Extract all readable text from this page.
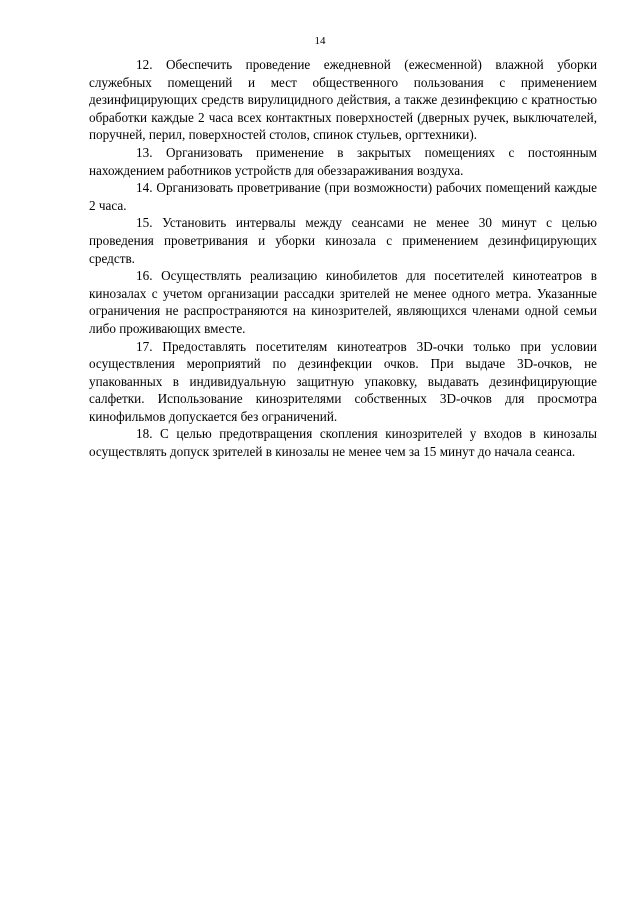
14

12. Обеспечить проведение ежедневной (ежесменной) влажной уборки служебных помещений и мест общественного пользования с применением дезинфицирующих средств вирулицидного действия, а также дезинфекцию с кратностью обработки каждые 2 часа всех контактных поверхностей (дверных ручек, выключателей, поручней, перил, поверхностей столов, спинок стульев, оргтехники).

13. Организовать применение в закрытых помещениях с постоянным нахождением работников устройств для обеззараживания воздуха.

14. Организовать проветривание (при возможности) рабочих помещений каждые 2 часа.

15. Установить интервалы между сеансами не менее 30 минут с целью проведения проветривания и уборки кинозала с применением дезинфицирующих средств.

16. Осуществлять реализацию кинобилетов для посетителей кинотеатров в кинозалах с учетом организации рассадки зрителей не менее одного метра. Указанные ограничения не распространяются на кинозрителей, являющихся членами одной семьи либо проживающих вместе.

17. Предоставлять посетителям кинотеатров 3D-очки только при условии осуществления мероприятий по дезинфекции очков. При выдаче 3D-очков, не упакованных в индивидуальную защитную упаковку, выдавать дезинфицирующие салфетки. Использование кинозрителями собственных 3D-очков для просмотра кинофильмов допускается без ограничений.

18. С целью предотвращения скопления кинозрителей у входов в кинозалы осуществлять допуск зрителей в кинозалы не менее чем за 15 минут до начала сеанса.
